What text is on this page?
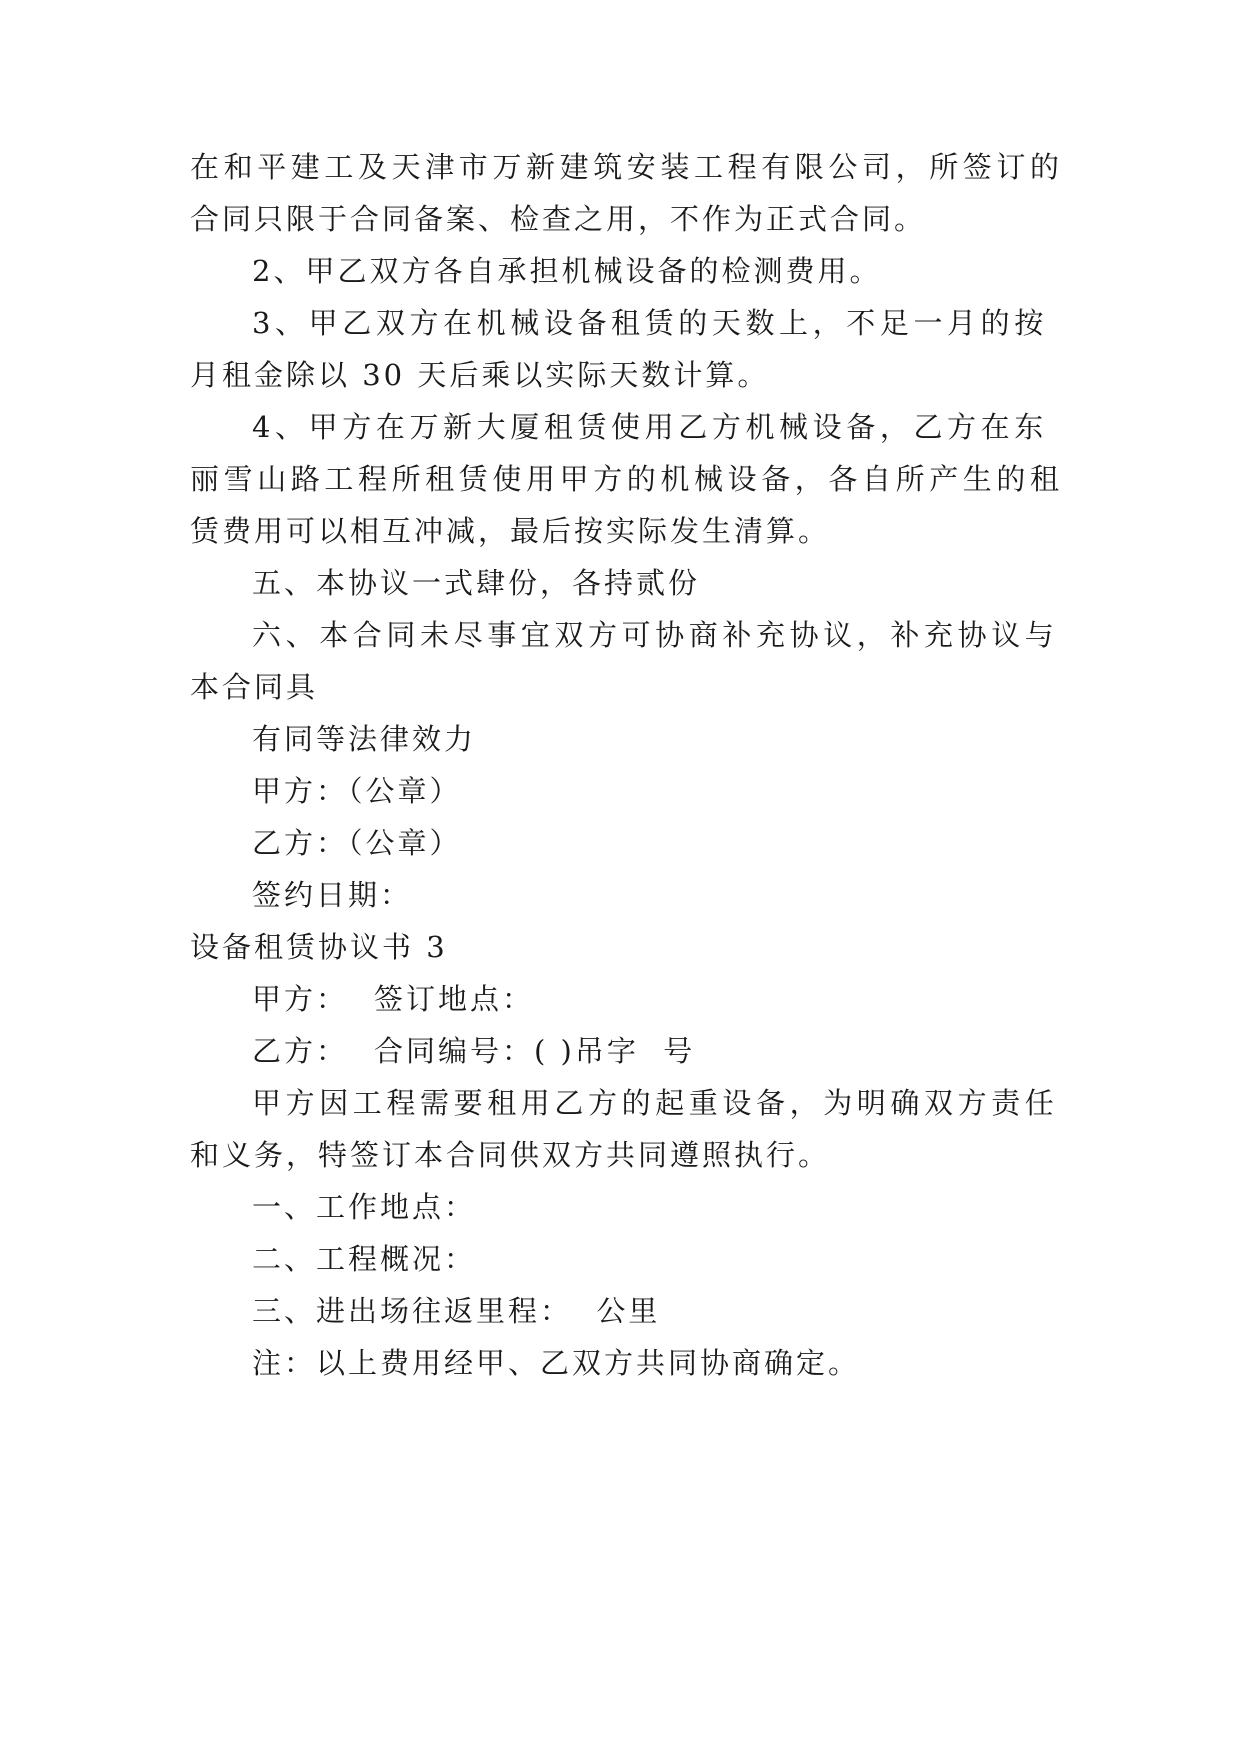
在和平建工及天津市万新建筑安装工程有限公司，所签订的
合同只限于合同备案、检查之用，不作为正式合同。
2、甲乙双方各自承担机械设备的检测费用。
3、甲乙双方在机械设备租赁的天数上，不足一月的按
月租金除以 30 天后乘以实际天数计算。
4、甲方在万新大厦租赁使用乙方机械设备，乙方在东
丽雪山路工程所租赁使用甲方的机械设备，各自所产生的租
赁费用可以相互冲减，最后按实际发生清算。
五、本协议一式肆份，各持贰份
六、本合同未尽事宜双方可协商补充协议，补充协议与
本合同具
有同等法律效力
甲方：（公章）
乙方：（公章）
签约日期：
设备租赁协议书 3
甲方： 签订地点：
乙方： 合同编号：( )吊字  号
甲方因工程需要租用乙方的起重设备，为明确双方责任
和义务，特签订本合同供双方共同遵照执行。
一、工作地点：
二、工程概况：
三、进出场往返里程：  公里
注：以上费用经甲、乙双方共同协商确定。
